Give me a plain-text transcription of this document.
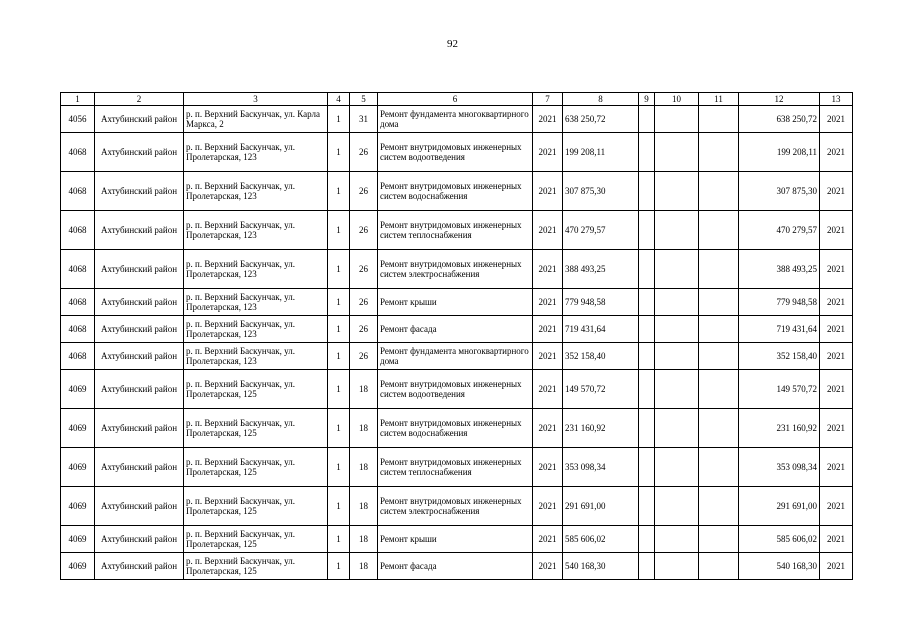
92
1	2	3	4	5	6	7	8	9	10	11	12	13
4056	Ахтубинский район	р. п. Верхний Баскунчак, ул. Карла Маркса, 2	1	31	Ремонт фундамента многоквартирного дома	2021	638 250,72				638 250,72	2021
4068	Ахтубинский район	р. п. Верхний Баскунчак, ул. Пролетарская, 123	1	26	Ремонт внутридомовых инженерных систем водоотведения	2021	199 208,11				199 208,11	2021
4068	Ахтубинский район	р. п. Верхний Баскунчак, ул. Пролетарская, 123	1	26	Ремонт внутридомовых инженерных систем водоснабжения	2021	307 875,30				307 875,30	2021
4068	Ахтубинский район	р. п. Верхний Баскунчак, ул. Пролетарская, 123	1	26	Ремонт внутридомовых инженерных систем теплоснабжения	2021	470 279,57				470 279,57	2021
4068	Ахтубинский район	р. п. Верхний Баскунчак, ул. Пролетарская, 123	1	26	Ремонт внутридомовых инженерных систем электроснабжения	2021	388 493,25				388 493,25	2021
4068	Ахтубинский район	р. п. Верхний Баскунчак, ул. Пролетарская, 123	1	26	Ремонт крыши	2021	779 948,58				779 948,58	2021
4068	Ахтубинский район	р. п. Верхний Баскунчак, ул. Пролетарская, 123	1	26	Ремонт фасада	2021	719 431,64				719 431,64	2021
4068	Ахтубинский район	р. п. Верхний Баскунчак, ул. Пролетарская, 123	1	26	Ремонт фундамента многоквартирного дома	2021	352 158,40				352 158,40	2021
4069	Ахтубинский район	р. п. Верхний Баскунчак, ул. Пролетарская, 125	1	18	Ремонт внутридомовых инженерных систем водоотведения	2021	149 570,72				149 570,72	2021
4069	Ахтубинский район	р. п. Верхний Баскунчак, ул. Пролетарская, 125	1	18	Ремонт внутридомовых инженерных систем водоснабжения	2021	231 160,92				231 160,92	2021
4069	Ахтубинский район	р. п. Верхний Баскунчак, ул. Пролетарская, 125	1	18	Ремонт внутридомовых инженерных систем теплоснабжения	2021	353 098,34				353 098,34	2021
4069	Ахтубинский район	р. п. Верхний Баскунчак, ул. Пролетарская, 125	1	18	Ремонт внутридомовых инженерных систем электроснабжения	2021	291 691,00				291 691,00	2021
4069	Ахтубинский район	р. п. Верхний Баскунчак, ул. Пролетарская, 125	1	18	Ремонт крыши	2021	585 606,02				585 606,02	2021
4069	Ахтубинский район	р. п. Верхний Баскунчак, ул. Пролетарская, 125	1	18	Ремонт фасада	2021	540 168,30				540 168,30	2021
